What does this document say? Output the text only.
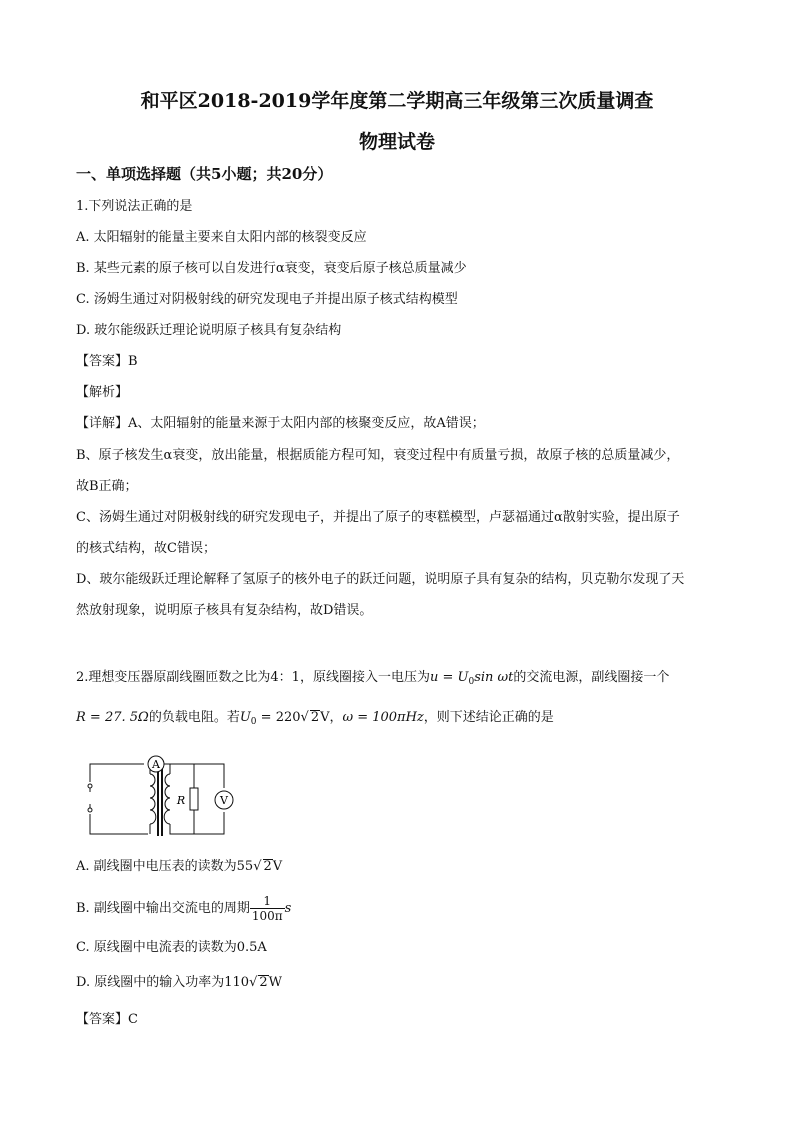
和平区2018-2019学年度第二学期高三年级第三次质量调查
物理试卷
一、单项选择题（共5小题；共20分）
1.下列说法正确的是
A. 太阳辐射的能量主要来自太阳内部的核裂变反应
B. 某些元素的原子核可以自发进行α衰变，衰变后原子核总质量减少
C. 汤姆生通过对阴极射线的研究发现电子并提出原子核式结构模型
D. 玻尔能级跃迁理论说明原子核具有复杂结构
【答案】B
【解析】
【详解】A、太阳辐射的能量来源于太阳内部的核聚变反应，故A错误；
B、原子核发生α衰变，放出能量，根据质能方程可知，衰变过程中有质量亏损，故原子核的总质量减少，
故B正确；
C、汤姆生通过对阴极射线的研究发现电子，并提出了原子的枣糕模型，卢瑟福通过α散射实验，提出原子
的核式结构，故C错误；
D、玻尔能级跃迁理论解释了氢原子的核外电子的跃迁问题，说明原子具有复杂的结构，贝克勒尔发现了天
然放射现象，说明原子核具有复杂结构，故D错误。
2.理想变压器原副线圈匝数之比为4：1，原线圈接入一电压为$u = U_0\sin$ ωt的交流电源，副线圈接一个
R = 27. 5Ω的负载电阻。若$U_0 = 220√$ 2V，ω = 100πHz，则下述结论正确的是
A
V
R
A. 副线圈中电压表的读数为55√ 2V
B. 副线圈中输出交流电的周期 $\frac{1}{100\pi}$ s
C. 原线圈中电流表的读数为0.5A
D. 原线圈中的输入功率为110√ 2W
【答案】C
